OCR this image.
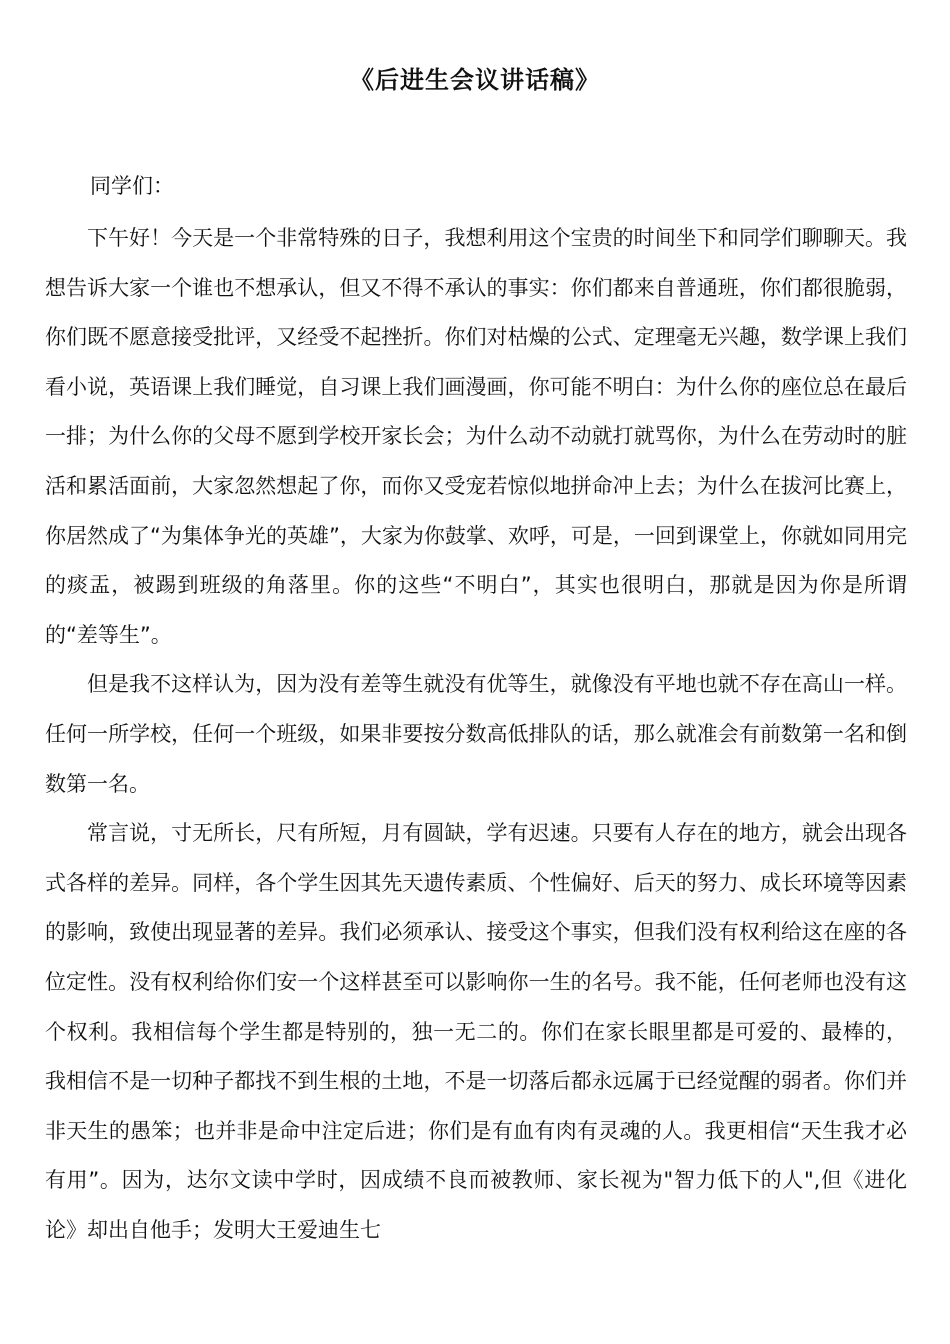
《后进生会议讲话稿》
同学们：

下午好！今天是一个非常特殊的日子，我想利用这个宝贵的时间坐下和同学们聊聊天。我想告诉大家一个谁也不想承认，但又不得不承认的事实：你们都来自普通班，你们都很脆弱，你们既不愿意接受批评，又经受不起挫折。你们对枯燥的公式、定理毫无兴趣，数学课上我们看小说，英语课上我们睡觉，自习课上我们画漫画，你可能不明白：为什么你的座位总在最后一排；为什么你的父母不愿到学校开家长会；为什么动不动就打就骂你，为什么在劳动时的脏活和累活面前，大家忽然想起了你，而你又受宠若惊似地拼命冲上去；为什么在拔河比赛上，你居然成了“为集体争光的英雄”，大家为你鼓掌、欢呼，可是，一回到课堂上，你就如同用完的痰盂，被踢到班级的角落里。你的这些“不明白”，其实也很明白，那就是因为你是所谓的“差等生”。

但是我不这样认为，因为没有差等生就没有优等生，就像没有平地也就不存在高山一样。任何一所学校，任何一个班级，如果非要按分数高低排队的话，那么就准会有前数第一名和倒数第一名。

常言说，寸无所长，尺有所短，月有圆缺，学有迟速。只要有人存在的地方，就会出现各式各样的差异。同样，各个学生因其先天遗传素质、个性偏好、后天的努力、成长环境等因素的影响，致使出现显著的差异。我们必须承认、接受这个事实，但我们没有权利给这在座的各位定性。没有权利给你们安一个这样甚至可以影响你一生的名号。我不能，任何老师也没有这个权利。我相信每个学生都是特别的，独一无二的。你们在家长眼里都是可爱的、最棒的， 我相信不是一切种子都找不到生根的土地，不是一切落后都永远属于已经觉醒的弱者。你们并非天生的愚笨；也并非是命中注定后进；你们是有血有肉有灵魂的人。我更相信“天生我才必有用”。因为，达尔文读中学时，因成绩不良而被教师、家长视为"智力低下的人",但《进化论》却出自他手；发明大王爱迪生七
